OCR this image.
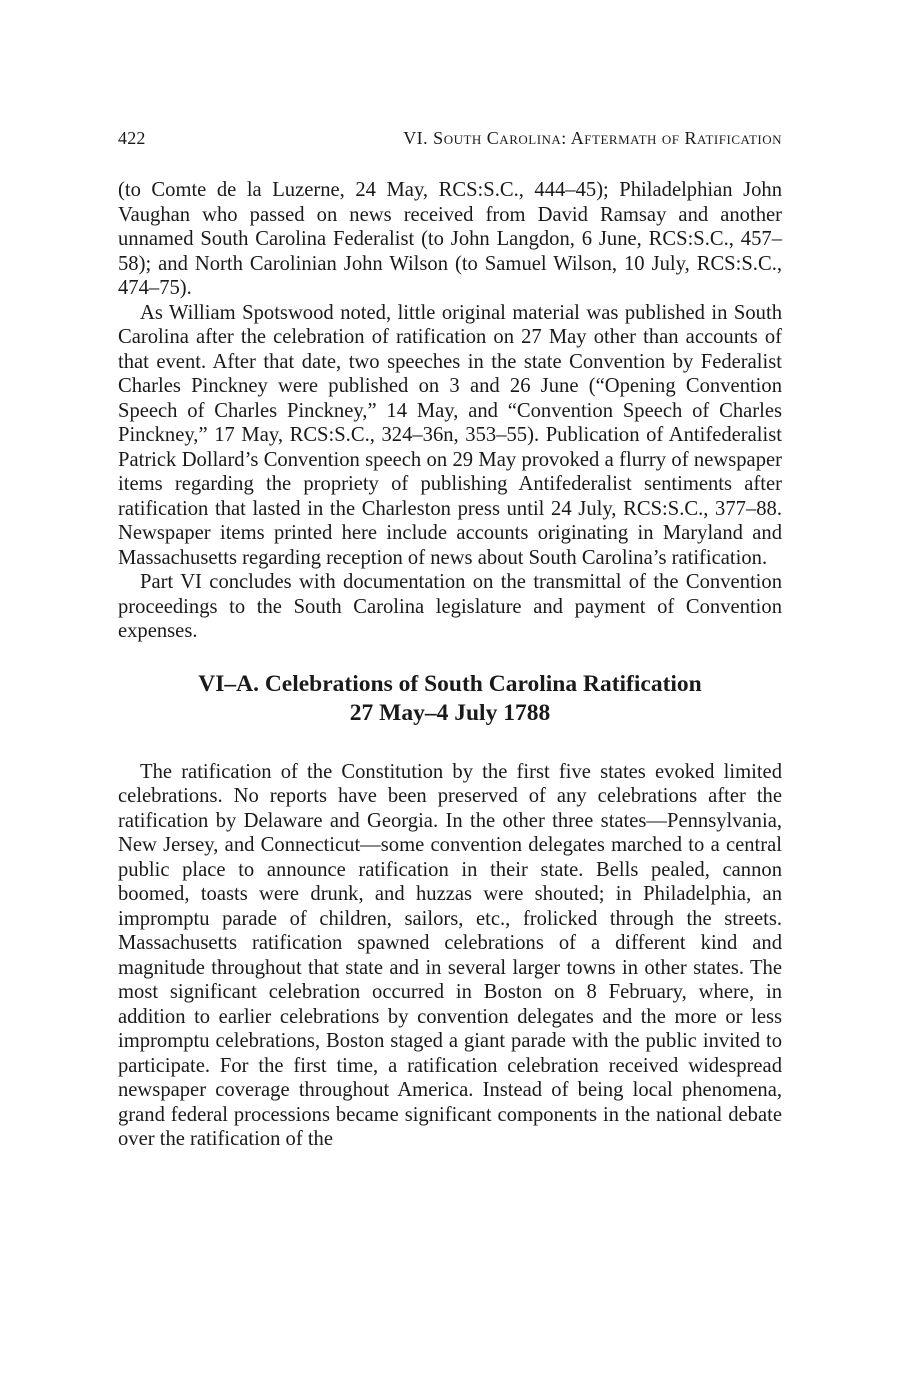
422	VI. South Carolina: Aftermath of Ratification

(to Comte de la Luzerne, 24 May, RCS:S.C., 444–45); Philadelphian John Vaughan who passed on news received from David Ramsay and another unnamed South Carolina Federalist (to John Langdon, 6 June, RCS:S.C., 457–58); and North Carolinian John Wilson (to Samuel Wilson, 10 July, RCS:S.C., 474–75).

As William Spotswood noted, little original material was published in South Carolina after the celebration of ratification on 27 May other than accounts of that event. After that date, two speeches in the state Convention by Federalist Charles Pinckney were published on 3 and 26 June (“Opening Convention Speech of Charles Pinckney,” 14 May, and “Convention Speech of Charles Pinckney,” 17 May, RCS:S.C., 324–36n, 353–55). Publication of Antifederalist Patrick Dollard’s Convention speech on 29 May provoked a flurry of newspaper items regarding the propriety of publishing Antifederalist sentiments after ratification that lasted in the Charleston press until 24 July, RCS:S.C., 377–88. Newspaper items printed here include accounts originating in Maryland and Massachusetts regarding reception of news about South Carolina’s ratification.

Part VI concludes with documentation on the transmittal of the Convention proceedings to the South Carolina legislature and payment of Convention expenses.

VI–A. Celebrations of South Carolina Ratification
27 May–4 July 1788

The ratification of the Constitution by the first five states evoked limited celebrations. No reports have been preserved of any celebrations after the ratification by Delaware and Georgia. In the other three states—Pennsylvania, New Jersey, and Connecticut—some convention delegates marched to a central public place to announce ratification in their state. Bells pealed, cannon boomed, toasts were drunk, and huzzas were shouted; in Philadelphia, an impromptu parade of children, sailors, etc., frolicked through the streets. Massachusetts ratification spawned celebrations of a different kind and magnitude throughout that state and in several larger towns in other states. The most significant celebration occurred in Boston on 8 February, where, in addition to earlier celebrations by convention delegates and the more or less impromptu celebrations, Boston staged a giant parade with the public invited to participate. For the first time, a ratification celebration received widespread newspaper coverage throughout America. Instead of being local phenomena, grand federal processions became significant components in the national debate over the ratification of the
